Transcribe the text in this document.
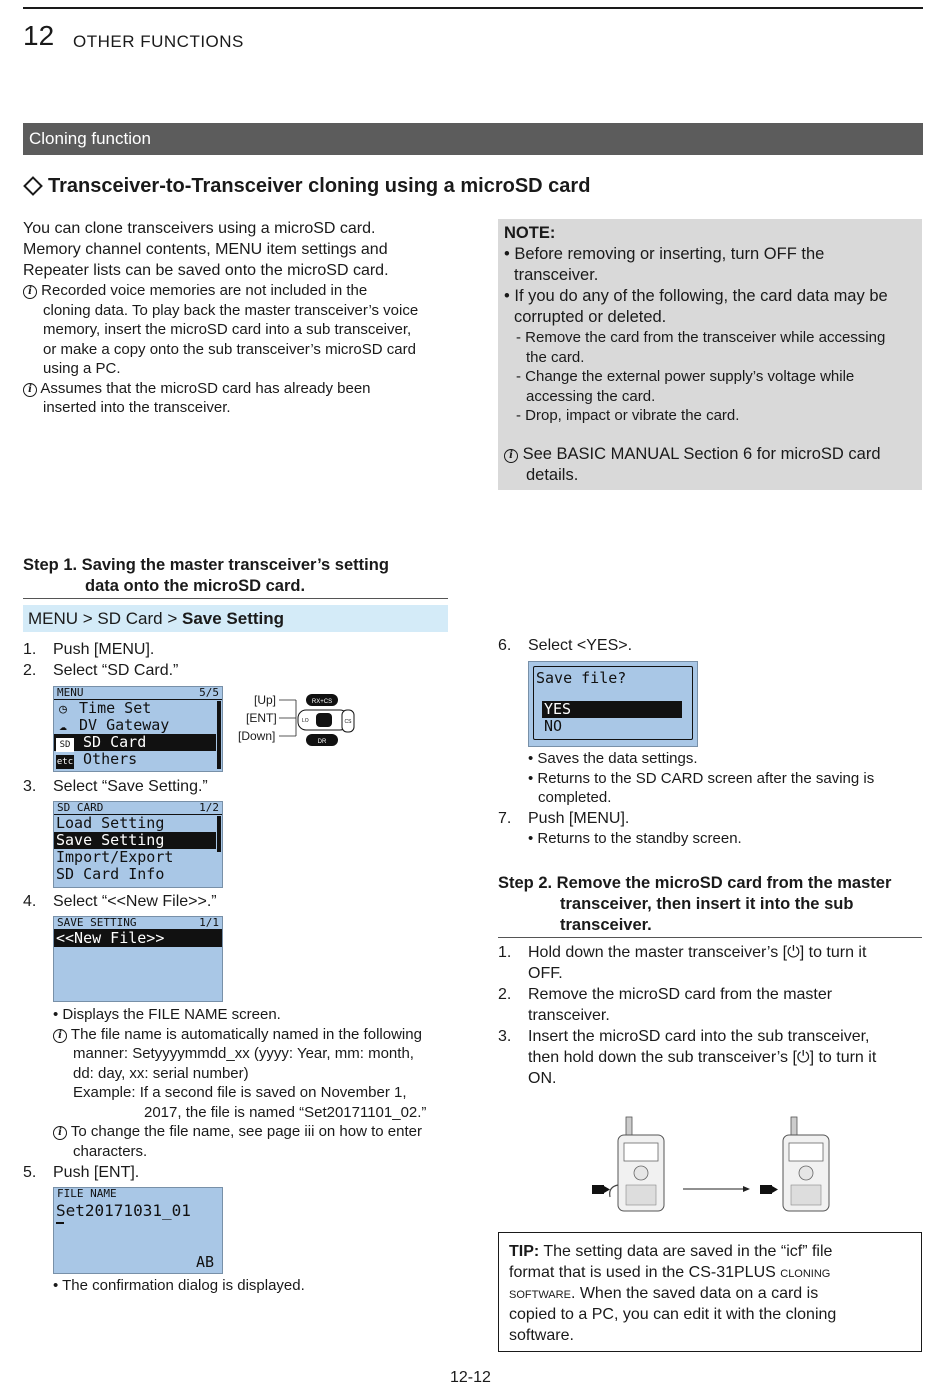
12 OTHER FUNCTIONS
Cloning function
Transceiver-to-Transceiver cloning using a microSD card
You can clone transceivers using a microSD card.
Memory channel contents, MENU item settings and
Repeater lists can be saved onto the microSD card.
i Recorded voice memories are not included in the
cloning data. To play back the master transceiver’s voice
memory, insert the microSD card into a sub transceiver,
or make a copy onto the sub transceiver’s microSD card
using a PC.
i Assumes that the microSD card has already been
inserted into the transceiver.
NOTE:
• Before removing or inserting, turn OFF the
transceiver.
• If you do any of the following, the card data may be
corrupted or deleted.
- Remove the card from the transceiver while accessing
the card.
- Change the external power supply’s voltage while
accessing the card.
- Drop, impact or vibrate the card.
i See BASIC MANUAL Section 6 for microSD card
details.
Step 1. Saving the master transceiver’s setting
data onto the microSD card.
MENU > SD Card > Save Setting
1. Push [MENU].
2. Select “SD Card.”
MENU	5/5
◷ Time Set
☁ DV Gateway
SD SD Card
etc Others
[Up]
[ENT]
[Down]
RX+CS
LO	CS
DR
3. Select “Save Setting.”
SD CARD	1/2
Load Setting
Save Setting
Import/Export
SD Card Info
4. Select “<<New File>>.”
SAVE SETTING	1/1
<<New File>>
• Displays the FILE NAME screen.
i The file name is automatically named in the following
manner: Setyyyymmdd_xx (yyyy: Year, mm: month,
dd: day, xx: serial number)
Example: If a second file is saved on November 1,
2017, the file is named “Set20171101_02.”
i To change the file name, see page iii on how to enter
characters.
5. Push [ENT].
FILE NAME
Set20171031_01
AB
• The confirmation dialog is displayed.
6. Select <YES>.
Save file?
YES
NO
• Saves the data settings.
• Returns to the SD CARD screen after the saving is
completed.
7. Push [MENU].
• Returns to the standby screen.
Step 2. Remove the microSD card from the master
transceiver, then insert it into the sub
transceiver.
1. Hold down the master transceiver’s [⏻] to turn it
OFF.
2. Remove the microSD card from the master
transceiver.
3. Insert the microSD card into the sub transceiver,
then hold down the sub transceiver’s [⏻] to turn it
ON.
TIP: The setting data are saved in the “icf” file
format that is used in the CS-31PLUS cloning
software. When the saved data on a card is
copied to a PC, you can edit it with the cloning
software.
12-12
